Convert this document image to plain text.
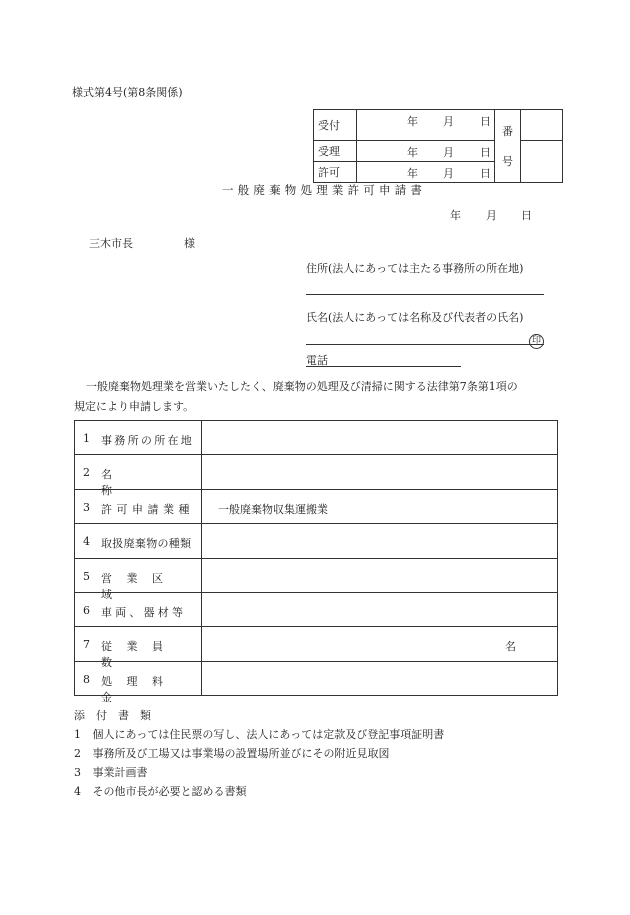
様式第4号(第8条関係)
受付	年 月 日	番

号	
受理	年 月 日		

許可	年 月 日		
一般廃棄物処理業許可申請書
年 月 日
三木市長	様
住所(法人にあっては主たる事務所の所在地)
氏名(法人にあっては名称及び代表者の氏名)
印
電話
一般廃棄物処理業を営業いたしたく、廃棄物の処理及び清掃に関する法律第7条第1項の
規定により申請します。
1 事務所の所在地	

2 名称	

3 許可申請業種	一般廃棄物収集運搬業

4 取扱廃棄物の種類	

5 営業区域	

6 車両、器材等	

7 従業員数	名

8 処理料金	

添　付　書　類
1 個人にあっては住民票の写し、法人にあっては定款及び登記事項証明書
2 事務所及び工場又は事業場の設置場所並びにその附近見取図
3 事業計画書
4 その他市長が必要と認める書類
